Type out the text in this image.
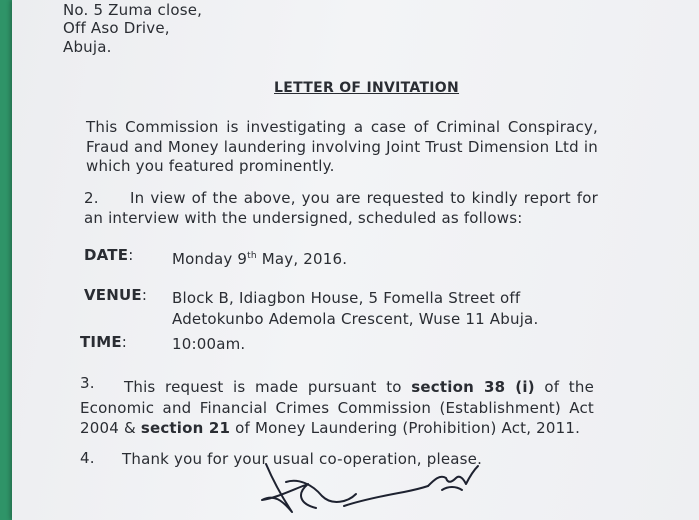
No. 5 Zuma close,
Off Aso Drive,
Abuja.
LETTER OF INVITATION
This Commission is investigating a case of Criminal Conspiracy,
Fraud and Money laundering involving Joint Trust Dimension Ltd in
which you featured prominently.
2. In view of the above, you are requested to kindly report for
an interview with the undersigned, scheduled as follows:
DATE:	Monday 9th May, 2016.
VENUE: Block B, Idiagbon House, 5 Fomella Street off
Adetokunbo Ademola Crescent, Wuse 11 Abuja.
TIME:	10:00am.
3. This request is made pursuant to section 38 (i) of the
Economic and Financial Crimes Commission (Establishment) Act
2004 & section 21 of Money Laundering (Prohibition) Act, 2011.
4. Thank you for your usual co-operation, please.
